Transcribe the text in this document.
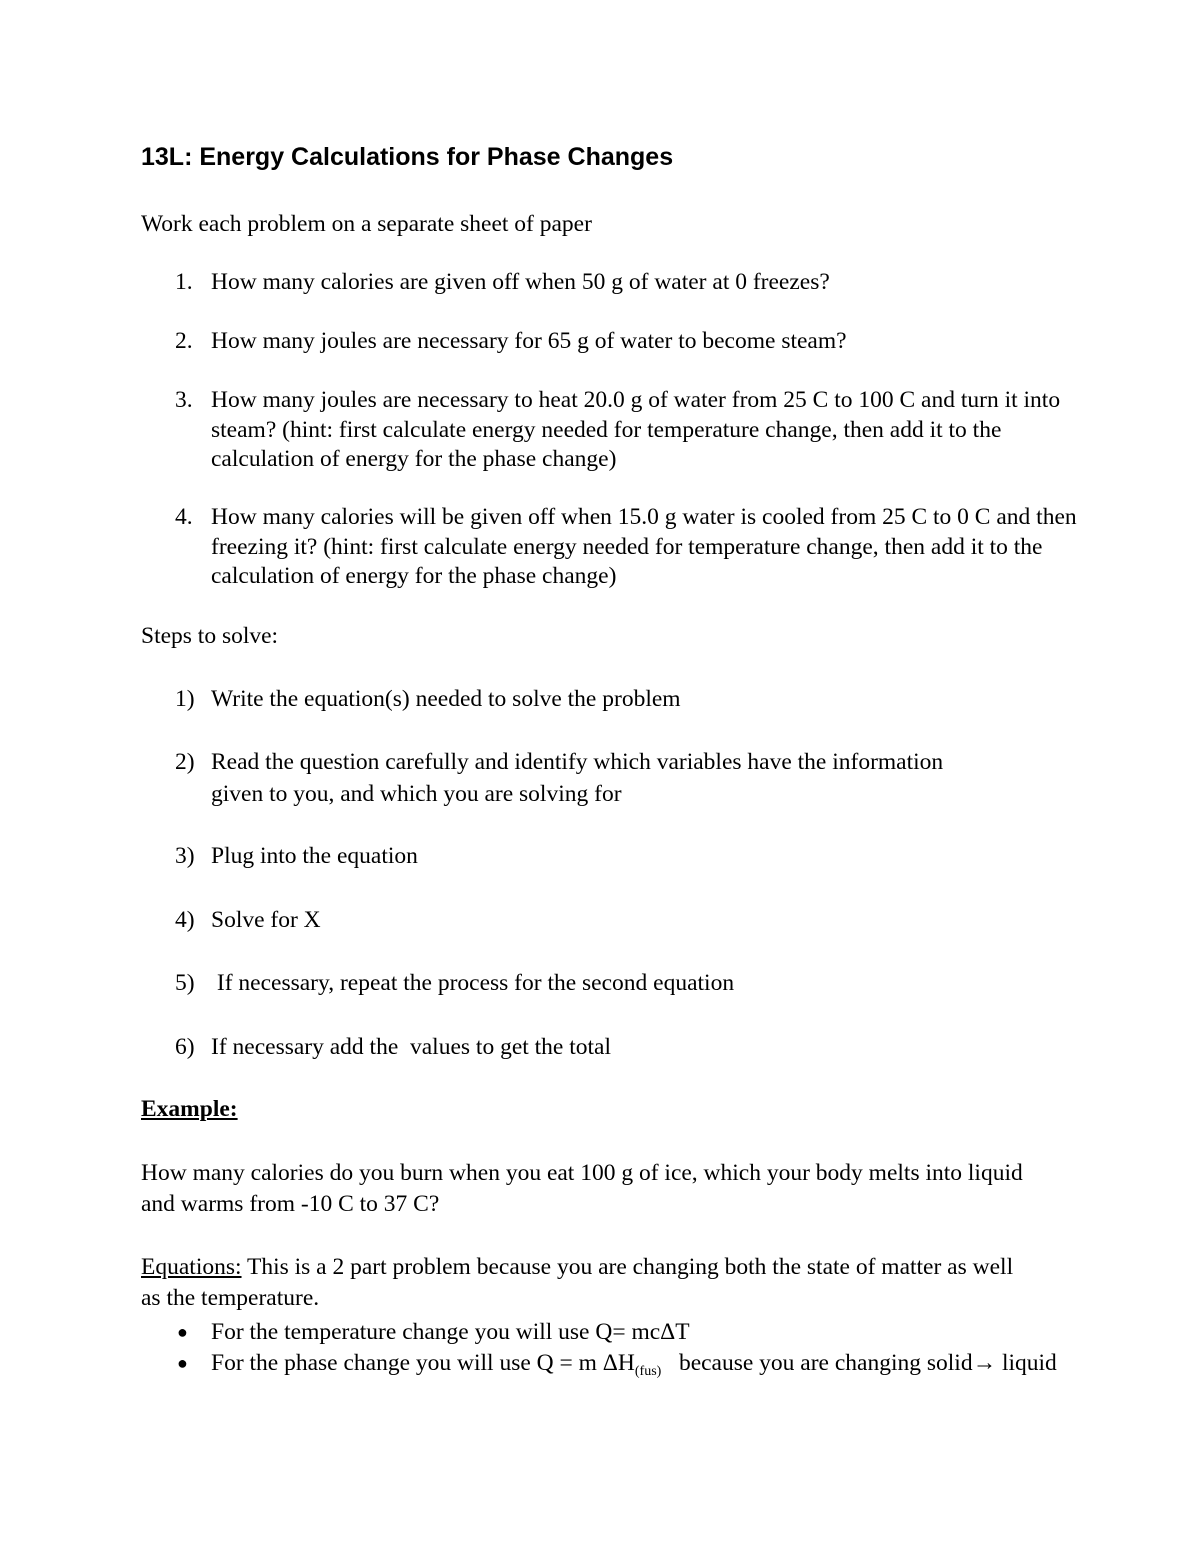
13L: Energy Calculations for Phase Changes
Work each problem on a separate sheet of paper
1. How many calories are given off when 50 g of water at 0 freezes?
2. How many joules are necessary for 65 g of water to become steam?
3. How many joules are necessary to heat 20.0 g of water from 25 C to 100 C and turn it into steam? (hint: first calculate energy needed for temperature change, then add it to the calculation of energy for the phase change)
4. How many calories will be given off when 15.0 g water is cooled from 25 C to 0 C and then freezing it? (hint: first calculate energy needed for temperature change, then add it to the calculation of energy for the phase change)
Steps to solve:
1) Write the equation(s) needed to solve the problem
2) Read the question carefully and identify which variables have the information given to you, and which you are solving for
3) Plug into the equation
4) Solve for X
5) If necessary, repeat the process for the second equation
6) If necessary add the  values to get the total
Example:
How many calories do you burn when you eat 100 g of ice, which your body melts into liquid and warms from -10 C to 37 C?
Equations: This is a 2 part problem because you are changing both the state of matter as well as the temperature.
● For the temperature change you will use Q= mcΔT
● For the phase change you will use Q = m $\Delta H_{(fus)}$   because you are changing solid→ liquid
